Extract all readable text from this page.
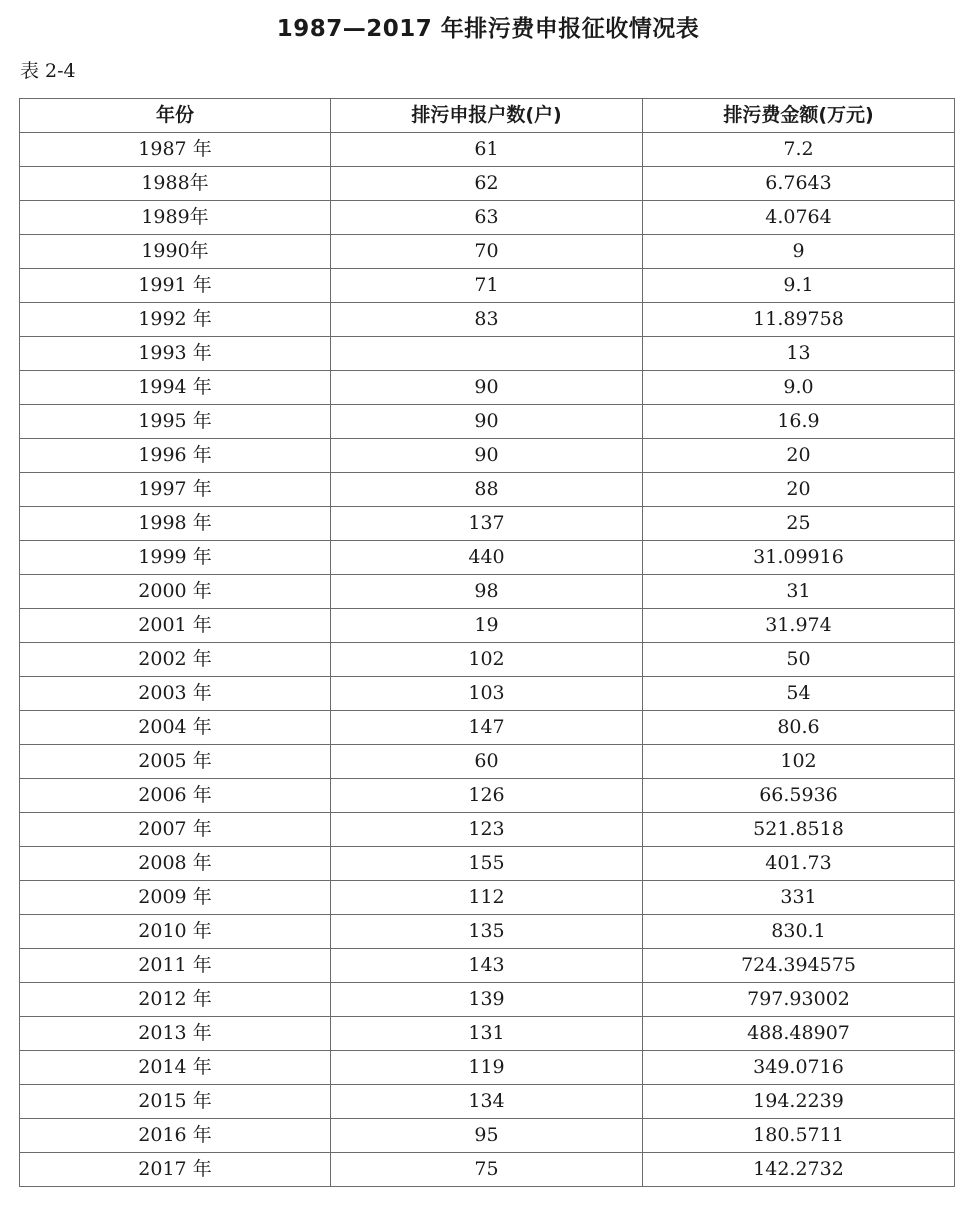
1987—2017 年排污费申报征收情况表
表 2-4
年份	排污申报户数(户)	排污费金额(万元)
1987 年	61	7.2
1988年	62	6.7643
1989年	63	4.0764
1990年	70	9
1991 年	71	9.1
1992 年	83	11.89758
1993 年		13
1994 年	90	9.0
1995 年	90	16.9
1996 年	90	20
1997 年	88	20
1998 年	137	25
1999 年	440	31.09916
2000 年	98	31
2001 年	19	31.974
2002 年	102	50
2003 年	103	54
2004 年	147	80.6
2005 年	60	102
2006 年	126	66.5936
2007 年	123	521.8518
2008 年	155	401.73
2009 年	112	331
2010 年	135	830.1
2011 年	143	724.394575
2012 年	139	797.93002
2013 年	131	488.48907
2014 年	119	349.0716
2015 年	134	194.2239
2016 年	95	180.5711
2017 年	75	142.2732
